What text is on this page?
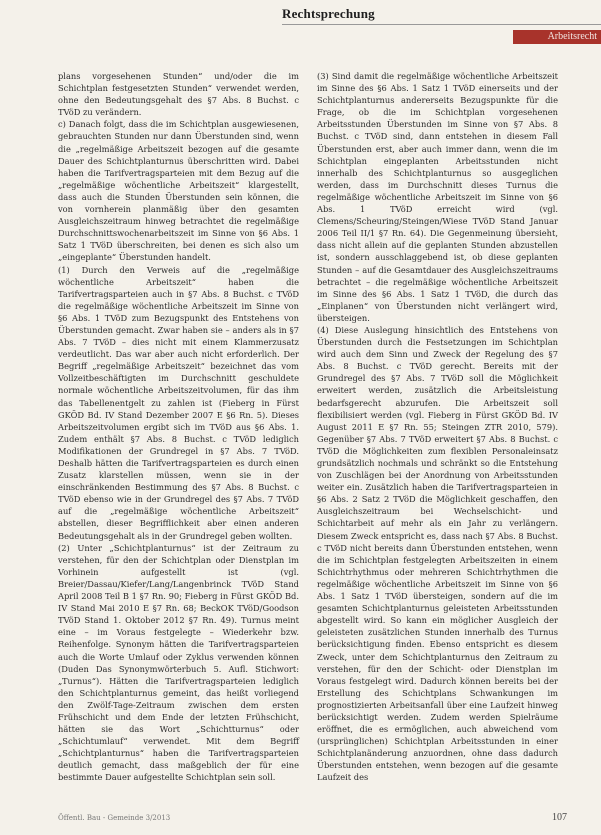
Rechtsprechung
Arbeitsrecht

plans vorgesehenen Stunden“ und/oder die im Schichtplan festgesetzten Stunden“ verwendet werden, ohne den Bedeutungsgehalt des §7 Abs. 8 Buchst. c TVöD zu verändern.

c) Danach folgt, dass die im Schichtplan ausgewiesenen, gebrauchten Stunden nur dann Überstunden sind, wenn die „regelmäßige Arbeitszeit bezogen auf die gesamte Dauer des Schichtplanturnus überschritten wird. Dabei haben die Tarifvertragsparteien mit dem Bezug auf die „regelmäßige wöchentliche Arbeitszeit“ klargestellt, dass auch die Stunden Überstunden sein können, die von vornherein planmäßig über den gesamten Ausgleichszeitraum hinweg betrachtet die regelmäßige Durchschnittswochenarbeitszeit im Sinne von §6 Abs. 1 Satz 1 TVöD überschreiten, bei denen es sich also um „eingeplante“ Überstunden handelt.

(1) Durch den Verweis auf die „regelmäßige wöchentliche Arbeitszeit“ haben die Tarifvertragsparteien auch in §7 Abs. 8 Buchst. c TVöD die regelmäßige wöchentliche Arbeitszeit im Sinne von §6 Abs. 1 TVöD zum Bezugspunkt des Entstehens von Überstunden gemacht. Zwar haben sie – anders als in §7 Abs. 7 TVöD – dies nicht mit einem Klammerzusatz verdeutlicht. Das war aber auch nicht erforderlich. Der Begriff „regelmäßige Arbeitszeit“ bezeichnet das vom Vollzeitbeschäftigten im Durchschnitt geschuldete normale wöchentliche Arbeitszeitvolumen, für das ihm das Tabellenentgelt zu zahlen ist (Fieberg in Fürst GKÖD Bd. IV Stand Dezember 2007 E §6 Rn. 5). Dieses Arbeitszeitvolumen ergibt sich im TVöD aus §6 Abs. 1. Zudem enthält §7 Abs. 8 Buchst. c TVöD lediglich Modifikationen der Grundregel in §7 Abs. 7 TVöD. Deshalb hätten die Tarifvertragsparteien es durch einen Zusatz klarstellen müssen, wenn sie in der einschränkenden Bestimmung des §7 Abs. 8 Buchst. c TVöD ebenso wie in der Grundregel des §7 Abs. 7 TVöD auf die „regelmäßige wöchentliche Arbeitszeit“ abstellen, dieser Begrifflichkeit aber einen anderen Bedeutungsgehalt als in der Grundregel geben wollten.

(2) Unter „Schichtplanturnus“ ist der Zeitraum zu verstehen, für den der Schichtplan oder Dienstplan im Vorhinein aufgestellt ist (vgl. Breier/Dassau/Kiefer/Lang/Langenbrinck TVöD Stand April 2008 Teil B 1 §7 Rn. 90; Fieberg in Fürst GKÖD Bd. IV Stand Mai 2010 E §7 Rn. 68; BeckOK TVöD/Goodson TVöD Stand 1. Oktober 2012 §7 Rn. 49). Turnus meint eine – im Voraus festgelegte – Wiederkehr bzw. Reihenfolge. Synonym hätten die Tarifvertragsparteien auch die Worte Umlauf oder Zyklus verwenden können (Duden Das Synonymwörterbuch 5. Aufl. Stichwort: „Turnus“). Hätten die Tarifvertragsparteien lediglich den Schichtplanturnus gemeint, das heißt vorliegend den Zwölf-Tage-Zeitraum zwischen dem ersten Frühschicht und dem Ende der letzten Frühschicht, hätten sie das Wort „Schichtturnus“ oder „Schichtumlauf“ verwendet. Mit dem Begriff „Schichtplanturnus“ haben die Tarifvertragsparteien deutlich gemacht, dass maßgeblich der für eine bestimmte Dauer aufgestellte Schichtplan sein soll.

(3) Sind damit die regelmäßige wöchentliche Arbeitszeit im Sinne des §6 Abs. 1 Satz 1 TVöD einerseits und der Schichtplanturnus andererseits Bezugspunkte für die Frage, ob die im Schichtplan vorgesehenen Arbeitsstunden Überstunden im Sinne von §7 Abs. 8 Buchst. c TVöD sind, dann entstehen in diesem Fall Überstunden erst, aber auch immer dann, wenn die im Schichtplan eingeplanten Arbeitsstunden nicht innerhalb des Schichtplanturnus so ausgeglichen werden, dass im Durchschnitt dieses Turnus die regelmäßige wöchentliche Arbeitszeit im Sinne von §6 Abs. 1 TVöD erreicht wird (vgl. Clemens/Scheuring/Steingen/Wiese TVöD Stand Januar 2006 Teil II/1 §7 Rn. 64). Die Gegenmeinung übersieht, dass nicht allein auf die geplanten Stunden abzustellen ist, sondern ausschlaggebend ist, ob diese geplanten Stunden – auf die Gesamtdauer des Ausgleichszeitraums betrachtet – die regelmäßige wöchentliche Arbeitszeit im Sinne des §6 Abs. 1 Satz 1 TVöD, die durch das „Einplanen“ von Überstunden nicht verlängert wird, übersteigen.

(4) Diese Auslegung hinsichtlich des Entstehens von Überstunden durch die Festsetzungen im Schichtplan wird auch dem Sinn und Zweck der Regelung des §7 Abs. 8 Buchst. c TVöD gerecht. Bereits mit der Grundregel des §7 Abs. 7 TVöD soll die Möglichkeit erweitert werden, zusätzlich die Arbeitsleistung bedarfsgerecht abzurufen. Die Arbeitszeit soll flexibilisiert werden (vgl. Fieberg in Fürst GKÖD Bd. IV August 2011 E §7 Rn. 55; Steingen ZTR 2010, 579). Gegenüber §7 Abs. 7 TVöD erweitert §7 Abs. 8 Buchst. c TVöD die Möglichkeiten zum flexiblen Personaleinsatz grundsätzlich nochmals und schränkt so die Entstehung von Zuschlägen bei der Anordnung von Arbeitsstunden weiter ein. Zusätzlich haben die Tarifvertragsparteien in §6 Abs. 2 Satz 2 TVöD die Möglichkeit geschaffen, den Ausgleichszeitraum bei Wechselschicht- und Schichtarbeit auf mehr als ein Jahr zu verlängern. Diesem Zweck entspricht es, dass nach §7 Abs. 8 Buchst. c TVöD nicht bereits dann Überstunden entstehen, wenn die im Schichtplan festgelegten Arbeitszeiten in einem Schichtrhythmus oder mehreren Schichtrhythmen die regelmäßige wöchentliche Arbeitszeit im Sinne von §6 Abs. 1 Satz 1 TVöD übersteigen, sondern auf die im gesamten Schichtplanturnus geleisteten Arbeitsstunden abgestellt wird. So kann ein möglicher Ausgleich der geleisteten zusätzlichen Stunden innerhalb des Turnus berücksichtigung finden. Ebenso entspricht es diesem Zweck, unter dem Schichtplanturnus den Zeitraum zu verstehen, für den der Schicht- oder Dienstplan im Voraus festgelegt wird. Dadurch können bereits bei der Erstellung des Schichtplans Schwankungen im prognostizierten Arbeitsanfall über eine Laufzeit hinweg berücksichtigt werden. Zudem werden Spielräume eröffnet, die es ermöglichen, auch abweichend vom (ursprünglichen) Schichtplan Arbeitsstunden in einer Schichtplanänderung anzuordnen, ohne dass dadurch Überstunden entstehen, wenn bezogen auf die gesamte Laufzeit des

Öffentl. Bau ‑ Gemeinde 3/2013	107
